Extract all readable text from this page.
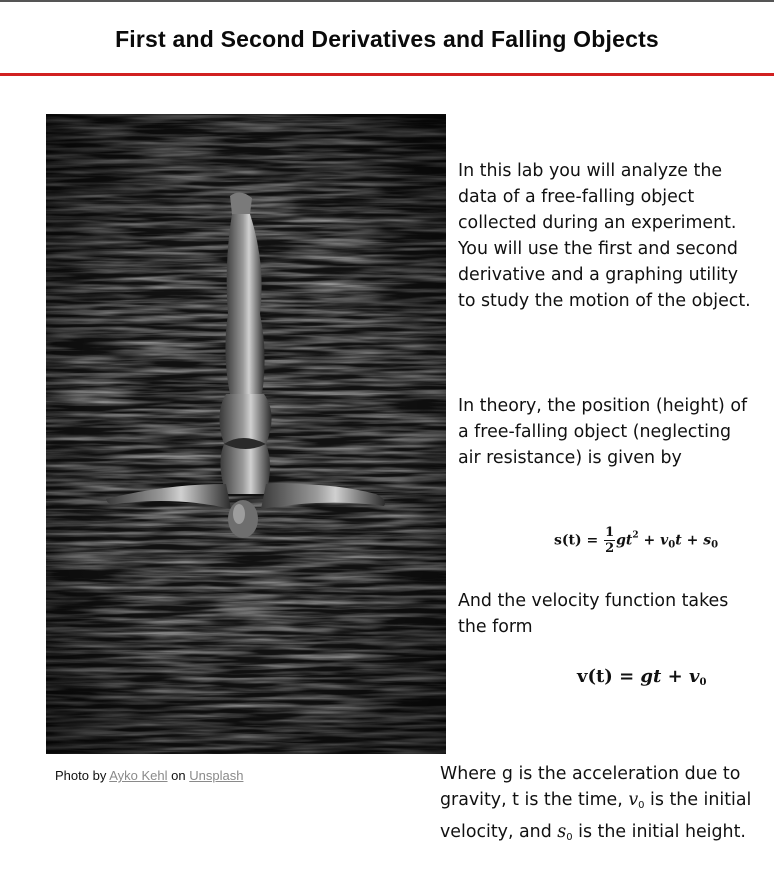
First and Second Derivatives and Falling Objects
Photo by Ayko Kehl on Unsplash
In this lab you will analyze the data of a free-falling object collected during an experiment. You will use the first and second derivative and a graphing utility to study the motion of the object.
In theory, the position (height) of a free-falling object (neglecting air resistance) is given by
$s(t) = \frac{1}{2} gt^2 + v_0t + s_0$
And the velocity function takes the form
v(t) = gt + $v_0$
Where g is the acceleration due to gravity, t is the time, $v_0$ is the initial velocity, and $s_0$ is the initial height.
